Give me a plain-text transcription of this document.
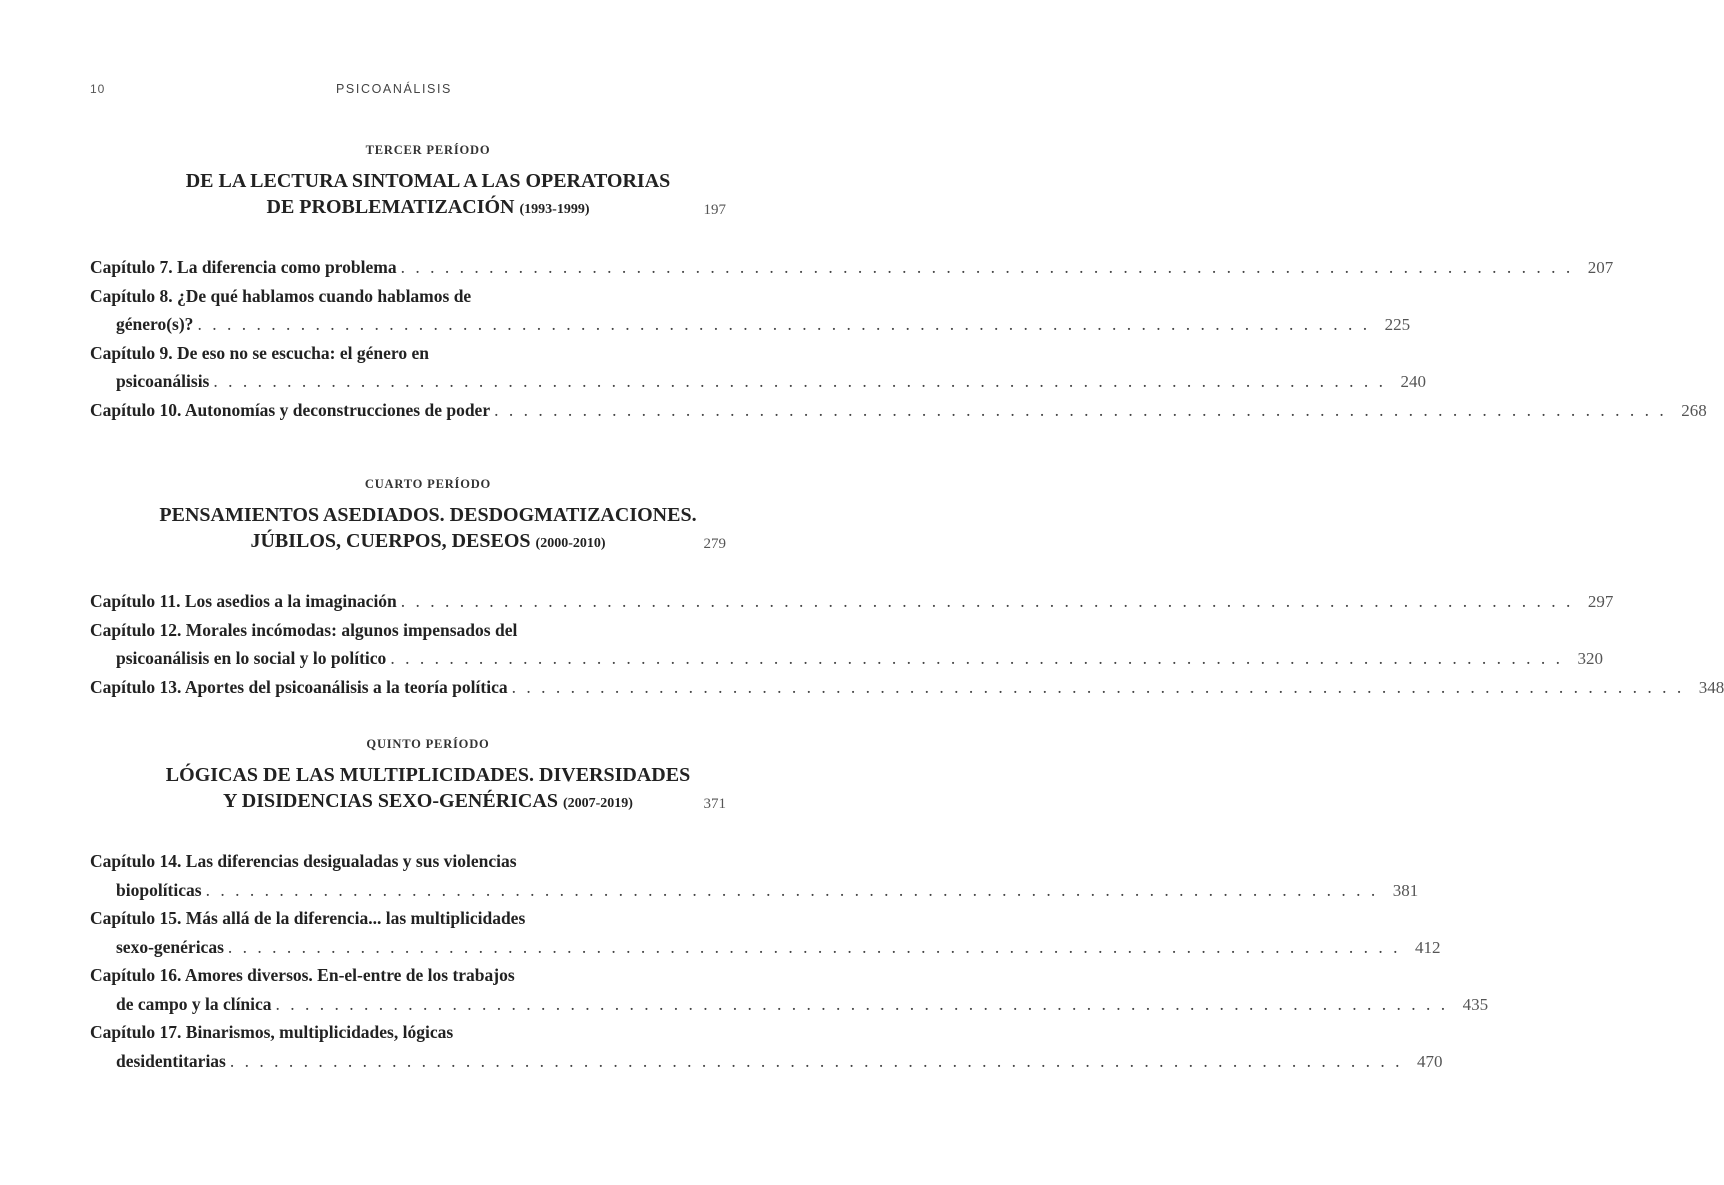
10	PSICOANÁLISIS
TERCER PERÍODO
DE LA LECTURA SINTOMAL A LAS OPERATORIAS
DE PROBLEMATIZACIÓN (1993-1999)	197
Capítulo 7. La diferencia como problema . . . . . . . . . . . . . . . . . . . . . . . . . . . . . . . . . . . . . . . . . . . . . . . . . . . . . . . . . . . . . . . . . . . . . . . . . . . . . . . . 207
Capítulo 8. ¿De qué hablamos cuando hablamos de
género(s)? . . . . . . . . . . . . . . . . . . . . . . . . . . . . . . . . . . . . . . . . . . . . . . . . . . . . . . . . . . . . . . . . . . . . . . . . . . . . . . . . 225
Capítulo 9. De eso no se escucha: el género en
psicoanálisis . . . . . . . . . . . . . . . . . . . . . . . . . . . . . . . . . . . . . . . . . . . . . . . . . . . . . . . . . . . . . . . . . . . . . . . . . . . . . . . . 240
Capítulo 10. Autonomías y deconstrucciones de poder . . . . . . . . . . . . . . . . . . . . . . . . . . . . . . . . . . . . . . . . . . . . . . . . . . . . . . . . . . . . . . . . . . . . . . . . . . . . . . . . 268
CUARTO PERÍODO
PENSAMIENTOS ASEDIADOS. DESDOGMATIZACIONES.
JÚBILOS, CUERPOS, DESEOS (2000-2010)	279
Capítulo 11. Los asedios a la imaginación . . . . . . . . . . . . . . . . . . . . . . . . . . . . . . . . . . . . . . . . . . . . . . . . . . . . . . . . . . . . . . . . . . . . . . . . . . . . . . . . 297
Capítulo 12. Morales incómodas: algunos impensados del
psicoanálisis en lo social y lo político . . . . . . . . . . . . . . . . . . . . . . . . . . . . . . . . . . . . . . . . . . . . . . . . . . . . . . . . . . . . . . . . . . . . . . . . . . . . . . . . 320
Capítulo 13. Aportes del psicoanálisis a la teoría política . . . . . . . . . . . . . . . . . . . . . . . . . . . . . . . . . . . . . . . . . . . . . . . . . . . . . . . . . . . . . . . . . . . . . . . . . . . . . . . . 348
QUINTO PERÍODO
LÓGICAS DE LAS MULTIPLICIDADES. DIVERSIDADES
Y DISIDENCIAS SEXO-GENÉRICAS (2007-2019)	371
Capítulo 14. Las diferencias desigualadas y sus violencias
biopolíticas . . . . . . . . . . . . . . . . . . . . . . . . . . . . . . . . . . . . . . . . . . . . . . . . . . . . . . . . . . . . . . . . . . . . . . . . . . . . . . . . 381
Capítulo 15. Más allá de la diferencia... las multiplicidades
sexo-genéricas . . . . . . . . . . . . . . . . . . . . . . . . . . . . . . . . . . . . . . . . . . . . . . . . . . . . . . . . . . . . . . . . . . . . . . . . . . . . . . . . 412
Capítulo 16. Amores diversos. En-el-entre de los trabajos
de campo y la clínica . . . . . . . . . . . . . . . . . . . . . . . . . . . . . . . . . . . . . . . . . . . . . . . . . . . . . . . . . . . . . . . . . . . . . . . . . . . . . . . . 435
Capítulo 17. Binarismos, multiplicidades, lógicas
desidentitarias . . . . . . . . . . . . . . . . . . . . . . . . . . . . . . . . . . . . . . . . . . . . . . . . . . . . . . . . . . . . . . . . . . . . . . . . . . . . . . . . 470
